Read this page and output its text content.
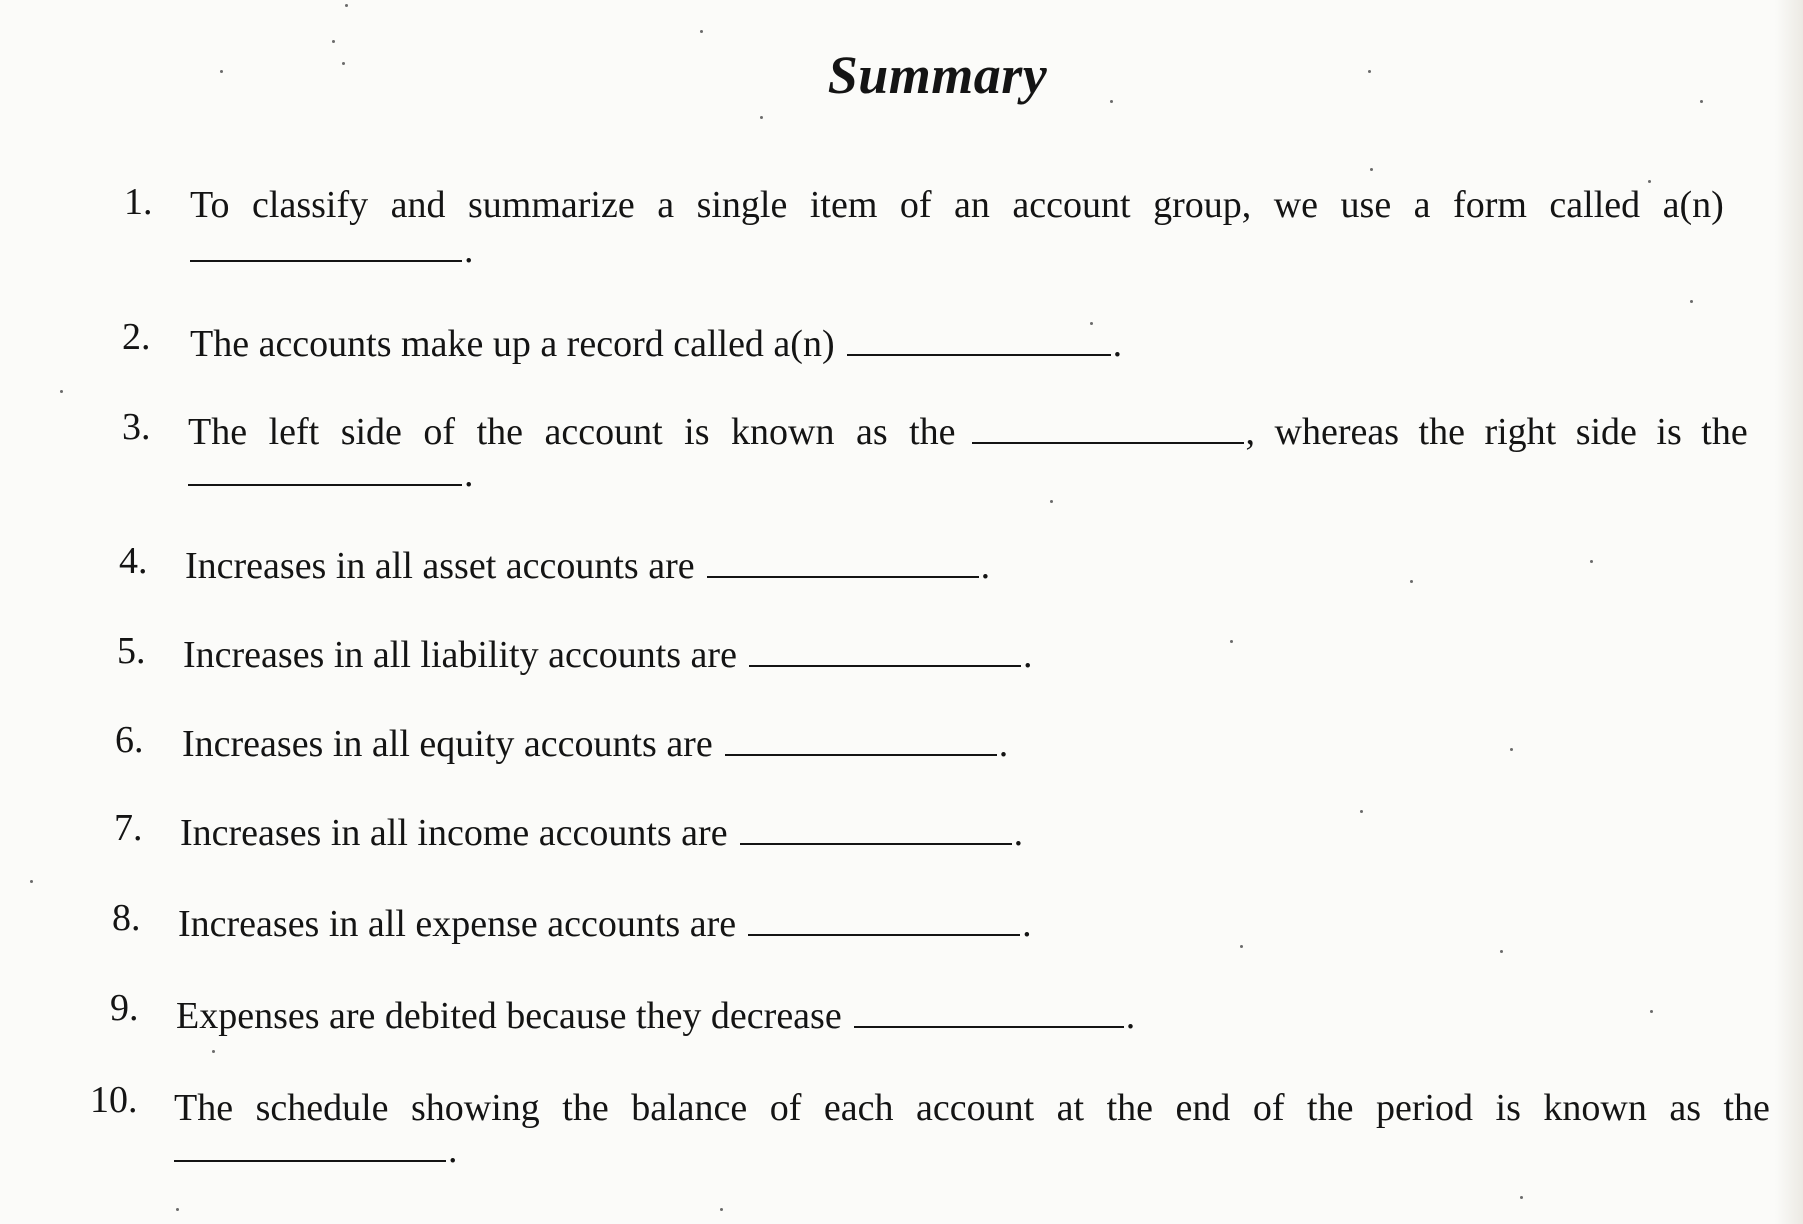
Summary
1. To classify and summarize a single item of an account group, we use a form called a(n)
.
2. The accounts make up a record called a(n)	.
3. The left side of the account is known as the	, whereas the right side is the
.
4. Increases in all asset accounts are	.
5. Increases in all liability accounts are	.
6. Increases in all equity accounts are	.
7. Increases in all income accounts are	.
8. Increases in all expense accounts are	.
9. Expenses are debited because they decrease	.
10. The schedule showing the balance of each account at the end of the period is known as the
.
